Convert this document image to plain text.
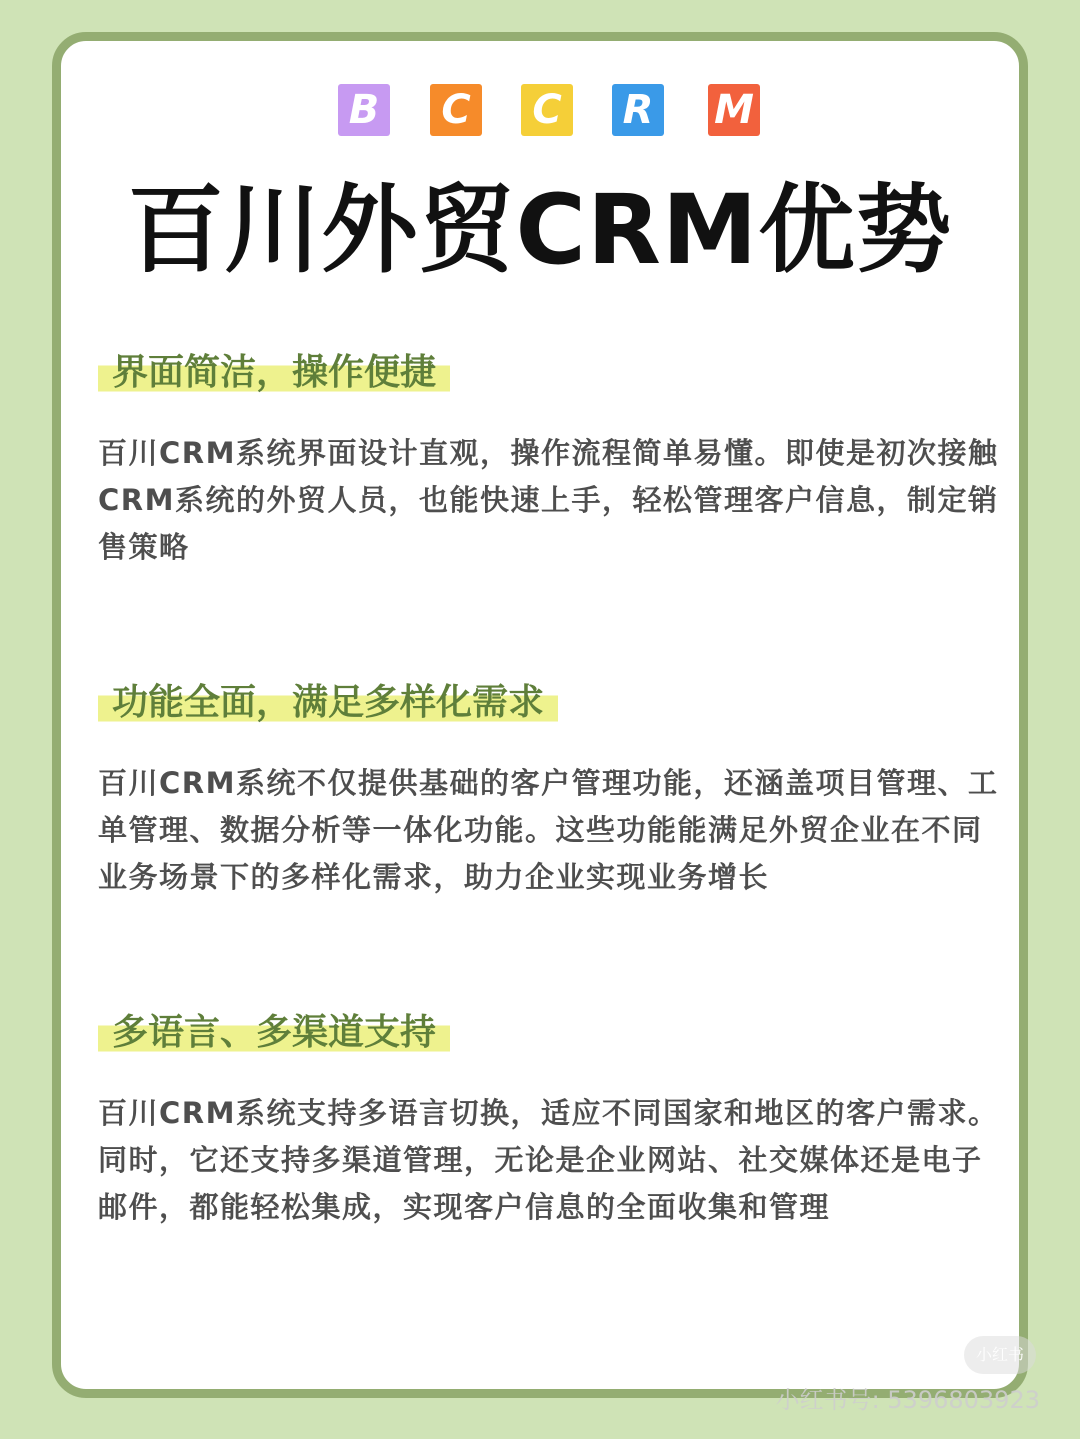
B C C R M
百川外贸CRM优势
界面简洁，操作便捷
百川CRM系统界面设计直观，操作流程简单易懂。即使是初次接触CRM系统的外贸人员，也能快速上手，轻松管理客户信息，制定销售策略
功能全面，满足多样化需求
百川CRM系统不仅提供基础的客户管理功能，还涵盖项目管理、工单管理、数据分析等一体化功能。这些功能能满足外贸企业在不同业务场景下的多样化需求，助力企业实现业务增长
多语言、多渠道支持
百川CRM系统支持多语言切换，适应不同国家和地区的客户需求。同时，它还支持多渠道管理，无论是企业网站、社交媒体还是电子邮件，都能轻松集成，实现客户信息的全面收集和管理
小红书
小红书号: 5396803923
